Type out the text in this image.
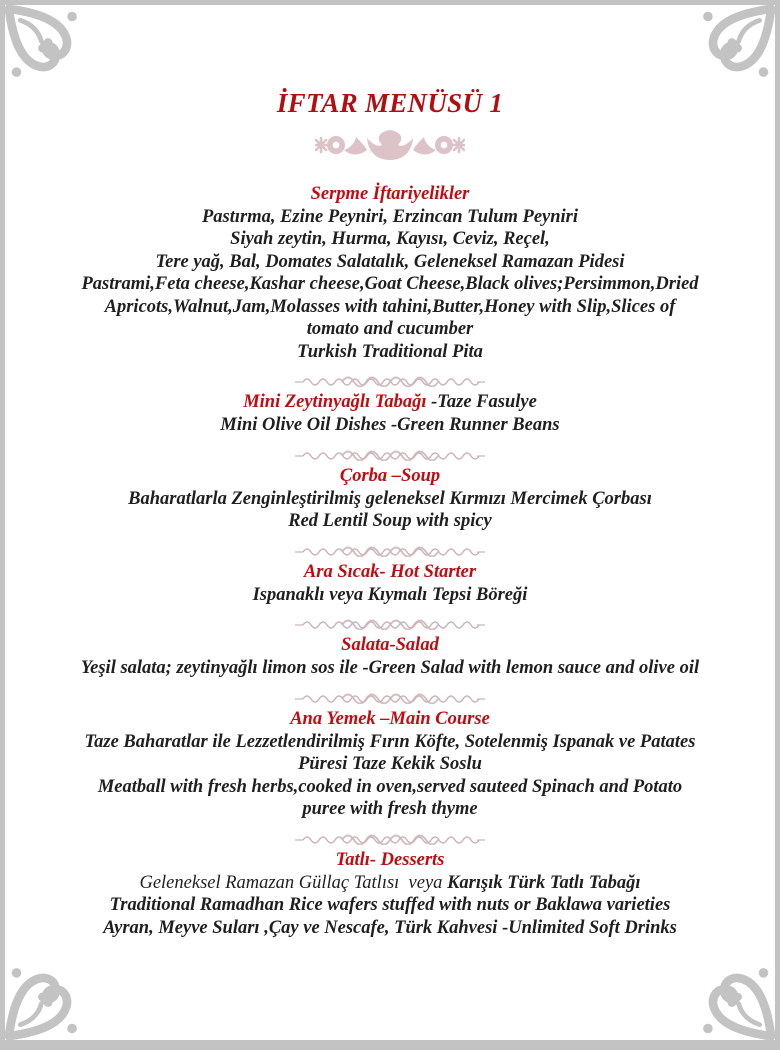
İFTAR MENÜSÜ 1
Serpme İftariyelikler
Pastırma, Ezine Peyniri, Erzincan Tulum Peyniri
Siyah zeytin, Hurma, Kayısı, Ceviz, Reçel,
Tere yağ, Bal, Domates Salatalık, Geleneksel Ramazan Pidesi
Pastrami,Feta cheese,Kashar cheese,Goat Cheese,Black olives;Persimmon,Dried
Apricots,Walnut,Jam,Molasses with tahini,Butter,Honey with Slip,Slices of
tomato and cucumber
Turkish Traditional Pita
Mini Zeytinyağlı Tabağı -Taze Fasulye
Mini Olive Oil Dishes -Green Runner Beans
Çorba –Soup
Baharatlarla Zenginleştirilmiş geleneksel Kırmızı Mercimek Çorbası
Red Lentil Soup with spicy
Ara Sıcak- Hot Starter
Ispanaklı veya Kıymalı Tepsi Böreği
Salata-Salad
Yeşil salata; zeytinyağlı limon sos ile -Green Salad with lemon sauce and olive oil
Ana Yemek –Main Course
Taze Baharatlar ile Lezzetlendirilmiş Fırın Köfte, Sotelenmiş Ispanak ve Patates
Püresi Taze Kekik Soslu
Meatball with fresh herbs,cooked in oven,served sauteed Spinach and Potato
puree with fresh thyme
Tatlı- Desserts
Geleneksel Ramazan Güllaç Tatlısı  veya Karışık Türk Tatlı Tabağı
Traditional Ramadhan Rice wafers stuffed with nuts or Baklawa varieties
Ayran, Meyve Suları ,Çay ve Nescafe, Türk Kahvesi -Unlimited Soft Drinks
